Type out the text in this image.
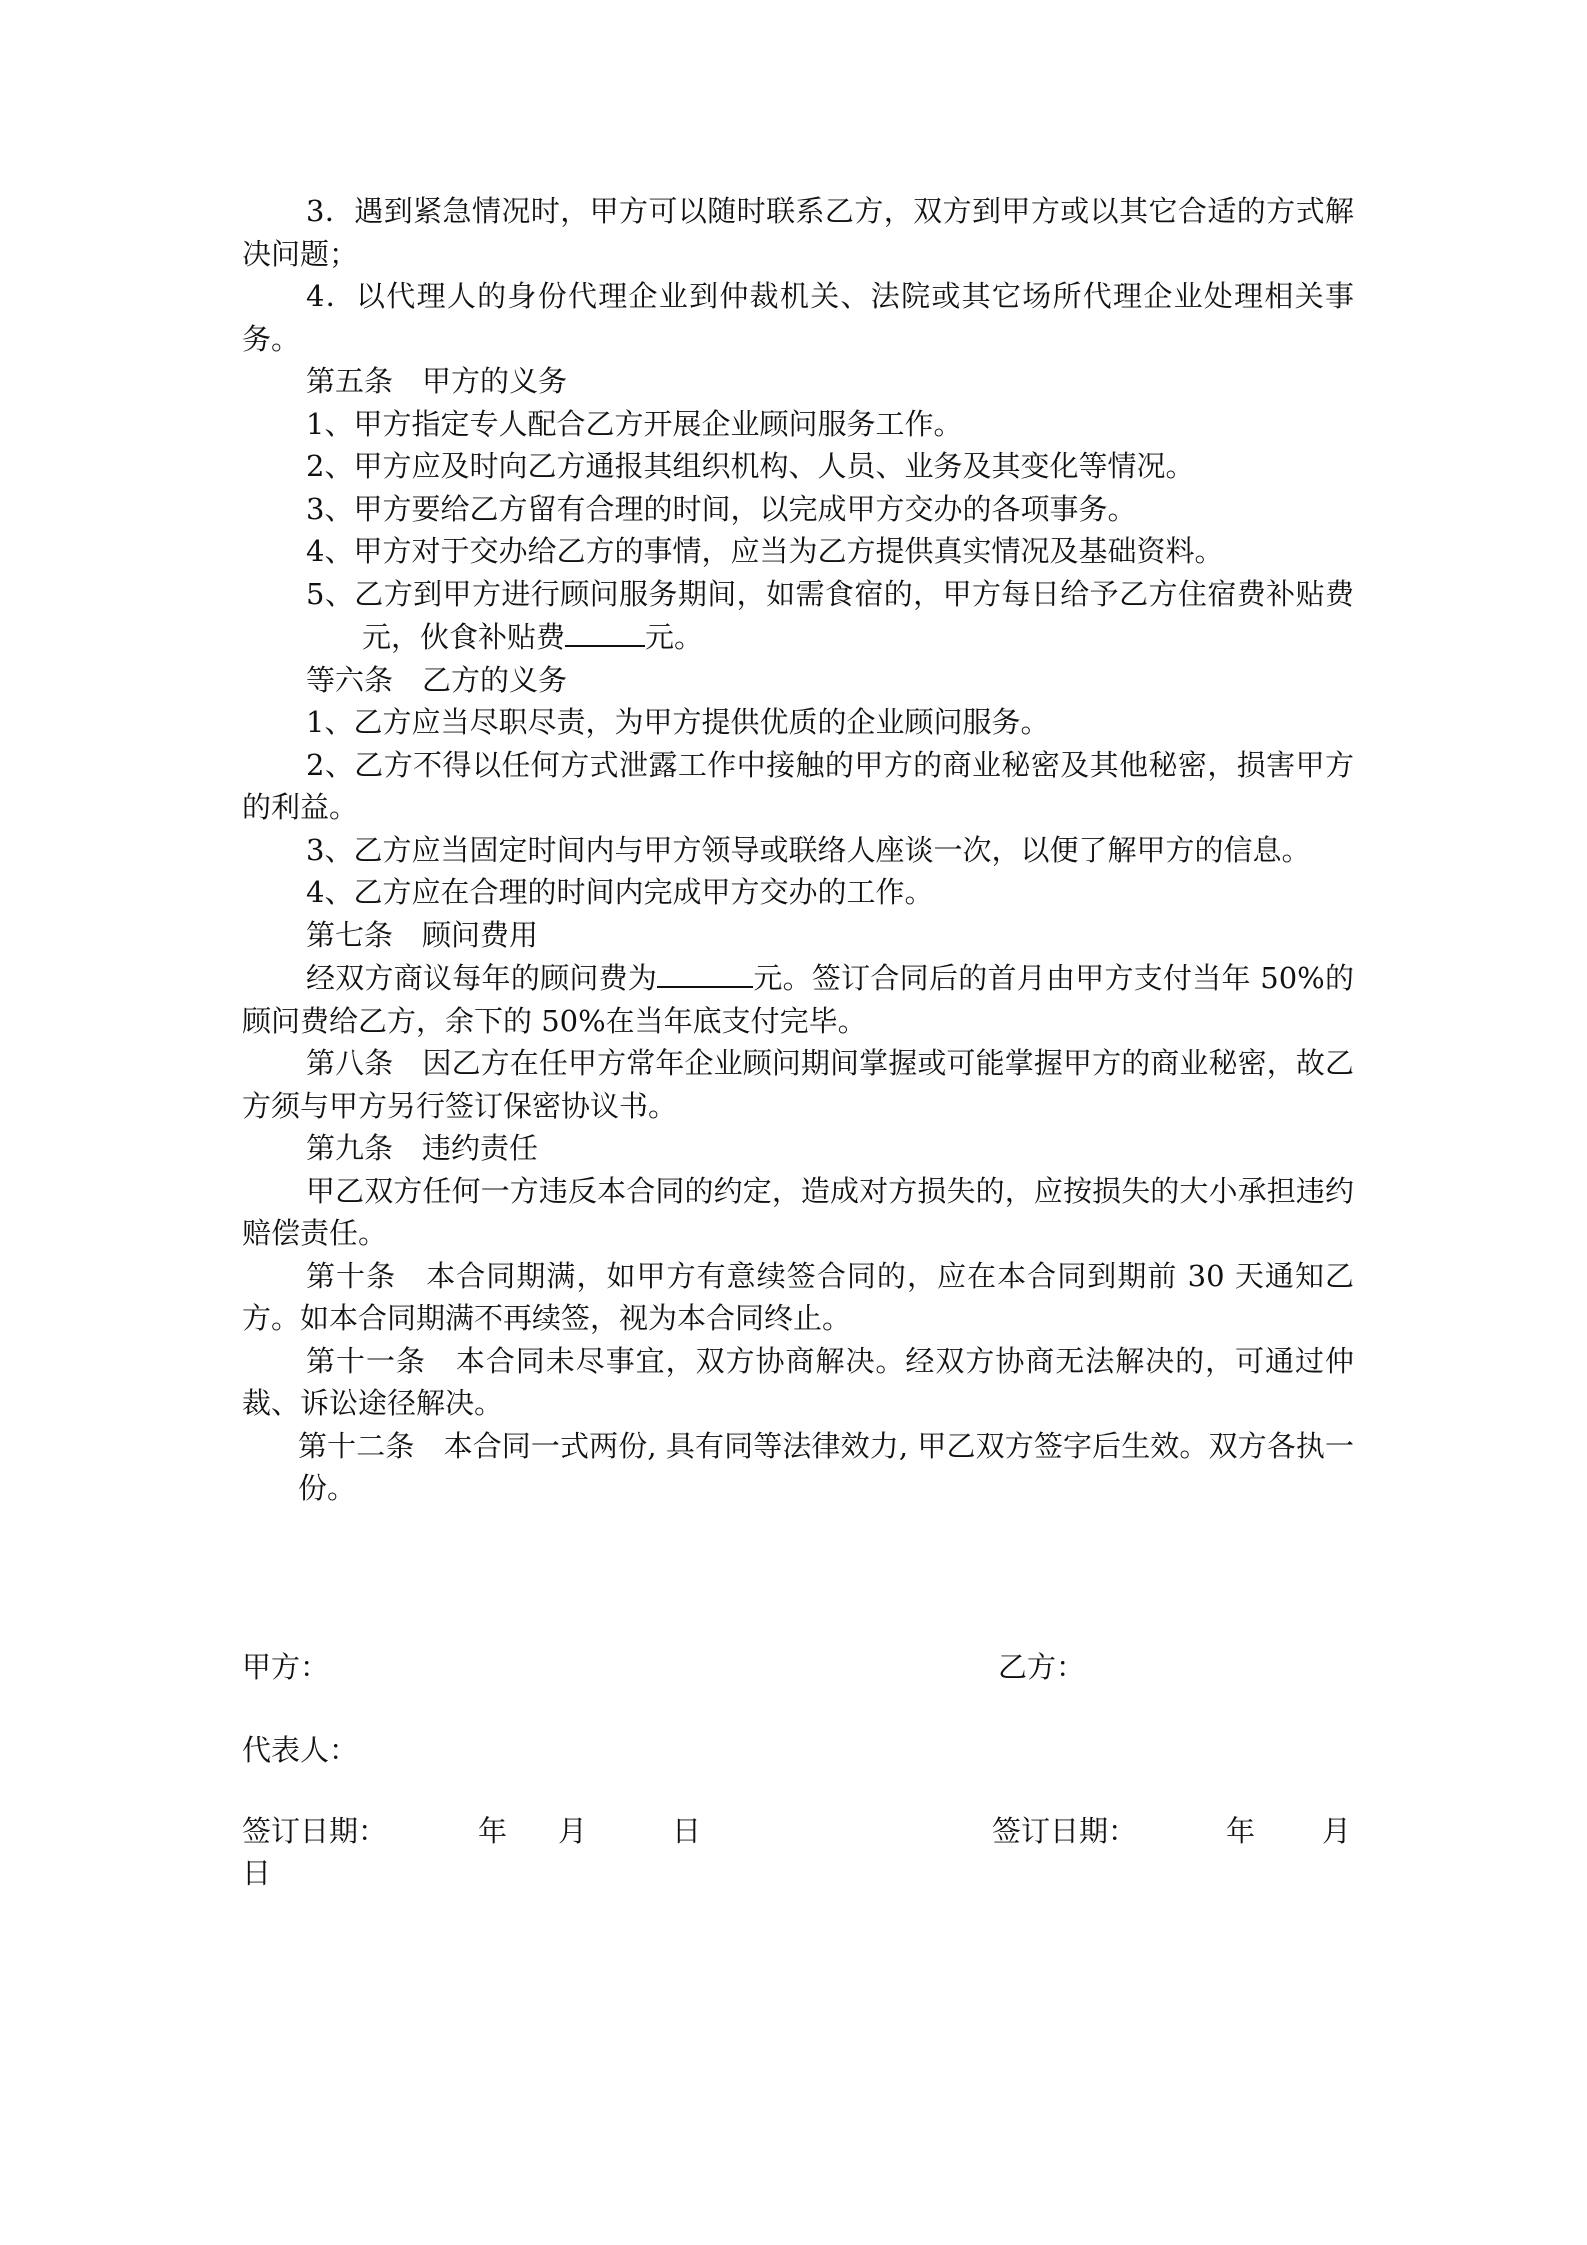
3．遇到紧急情况时，甲方可以随时联系乙方，双方到甲方或以其它合适的方式解决问题；

4．以代理人的身份代理企业到仲裁机关、法院或其它场所代理企业处理相关事务。

第五条　甲方的义务

1、甲方指定专人配合乙方开展企业顾问服务工作。

2、甲方应及时向乙方通报其组织机构、人员、业务及其变化等情况。

3、甲方要给乙方留有合理的时间，以完成甲方交办的各项事务。

4、甲方对于交办给乙方的事情，应当为乙方提供真实情况及基础资料。

5、乙方到甲方进行顾问服务期间，如需食宿的，甲方每日给予乙方住宿费补贴费元，伙食补贴费	元。

等六条　乙方的义务

1、乙方应当尽职尽责，为甲方提供优质的企业顾问服务。

2、乙方不得以任何方式泄露工作中接触的甲方的商业秘密及其他秘密，损害甲方的利益。

3、乙方应当固定时间内与甲方领导或联络人座谈一次，以便了解甲方的信息。

4、乙方应在合理的时间内完成甲方交办的工作。

第七条　顾问费用

经双方商议每年的顾问费为	元。签订合同后的首月由甲方支付当年 50%的顾问费给乙方，余下的 50%在当年底支付完毕。

第八条　因乙方在任甲方常年企业顾问期间掌握或可能掌握甲方的商业秘密，故乙方须与甲方另行签订保密协议书。

第九条　违约责任

甲乙双方任何一方违反本合同的约定，造成对方损失的，应按损失的大小承担违约赔偿责任。

第十条　本合同期满，如甲方有意续签合同的，应在本合同到期前 30 天通知乙方。如本合同期满不再续签，视为本合同终止。

第十一条　本合同未尽事宜，双方协商解决。经双方协商无法解决的，可通过仲裁、诉讼途径解决。

第十二条　本合同一式两份, 具有同等法律效力, 甲乙双方签字后生效。双方各执一份。

甲方：	乙方：
代表人：
签订日期：	年 月	日	签订日期：	年 月
日
